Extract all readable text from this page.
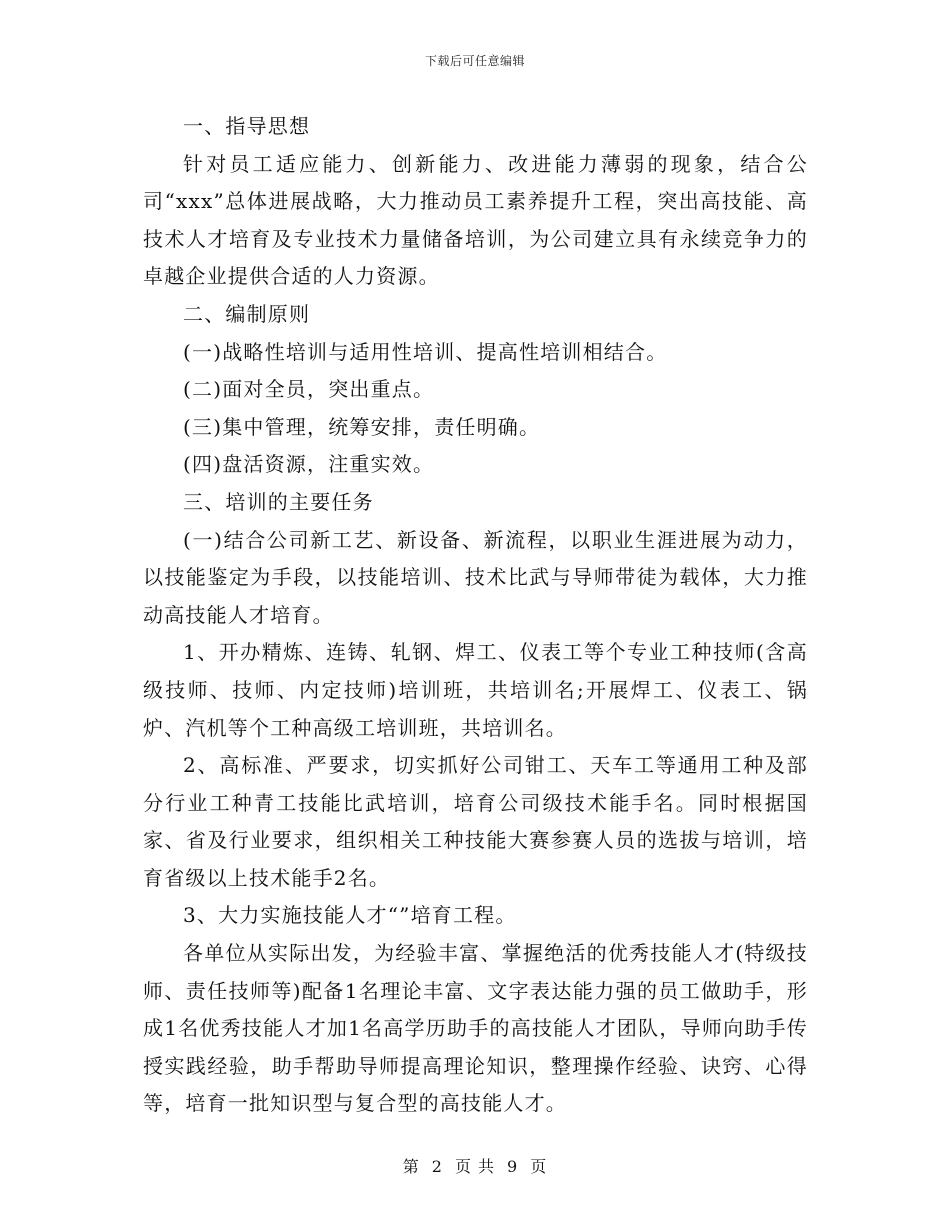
下载后可任意编辑

一、指导思想

针对员工适应能力、创新能力、改进能力薄弱的现象，结合公司“xxx”总体进展战略，大力推动员工素养提升工程，突出高技能、高技术人才培育及专业技术力量储备培训，为公司建立具有永续竞争力的卓越企业提供合适的人力资源。

二、编制原则

(一)战略性培训与适用性培训、提高性培训相结合。

(二)面对全员，突出重点。

(三)集中管理，统筹安排，责任明确。

(四)盘活资源，注重实效。

三、培训的主要任务

(一)结合公司新工艺、新设备、新流程，以职业生涯进展为动力，以技能鉴定为手段，以技能培训、技术比武与导师带徒为载体，大力推动高技能人才培育。

1、开办精炼、连铸、轧钢、焊工、仪表工等个专业工种技师(含高级技师、技师、内定技师)培训班，共培训名;开展焊工、仪表工、锅炉、汽机等个工种高级工培训班，共培训名。

2、高标准、严要求，切实抓好公司钳工、天车工等通用工种及部分行业工种青工技能比武培训，培育公司级技术能手名。同时根据国家、省及行业要求，组织相关工种技能大赛参赛人员的选拔与培训，培育省级以上技术能手2名。

3、大力实施技能人才“”培育工程。

各单位从实际出发，为经验丰富、掌握绝活的优秀技能人才(特级技师、责任技师等)配备1名理论丰富、文字表达能力强的员工做助手，形成1名优秀技能人才加1名高学历助手的高技能人才团队，导师向助手传授实践经验，助手帮助导师提高理论知识，整理操作经验、诀窍、心得等，培育一批知识型与复合型的高技能人才。

第 2 页 共 9 页
